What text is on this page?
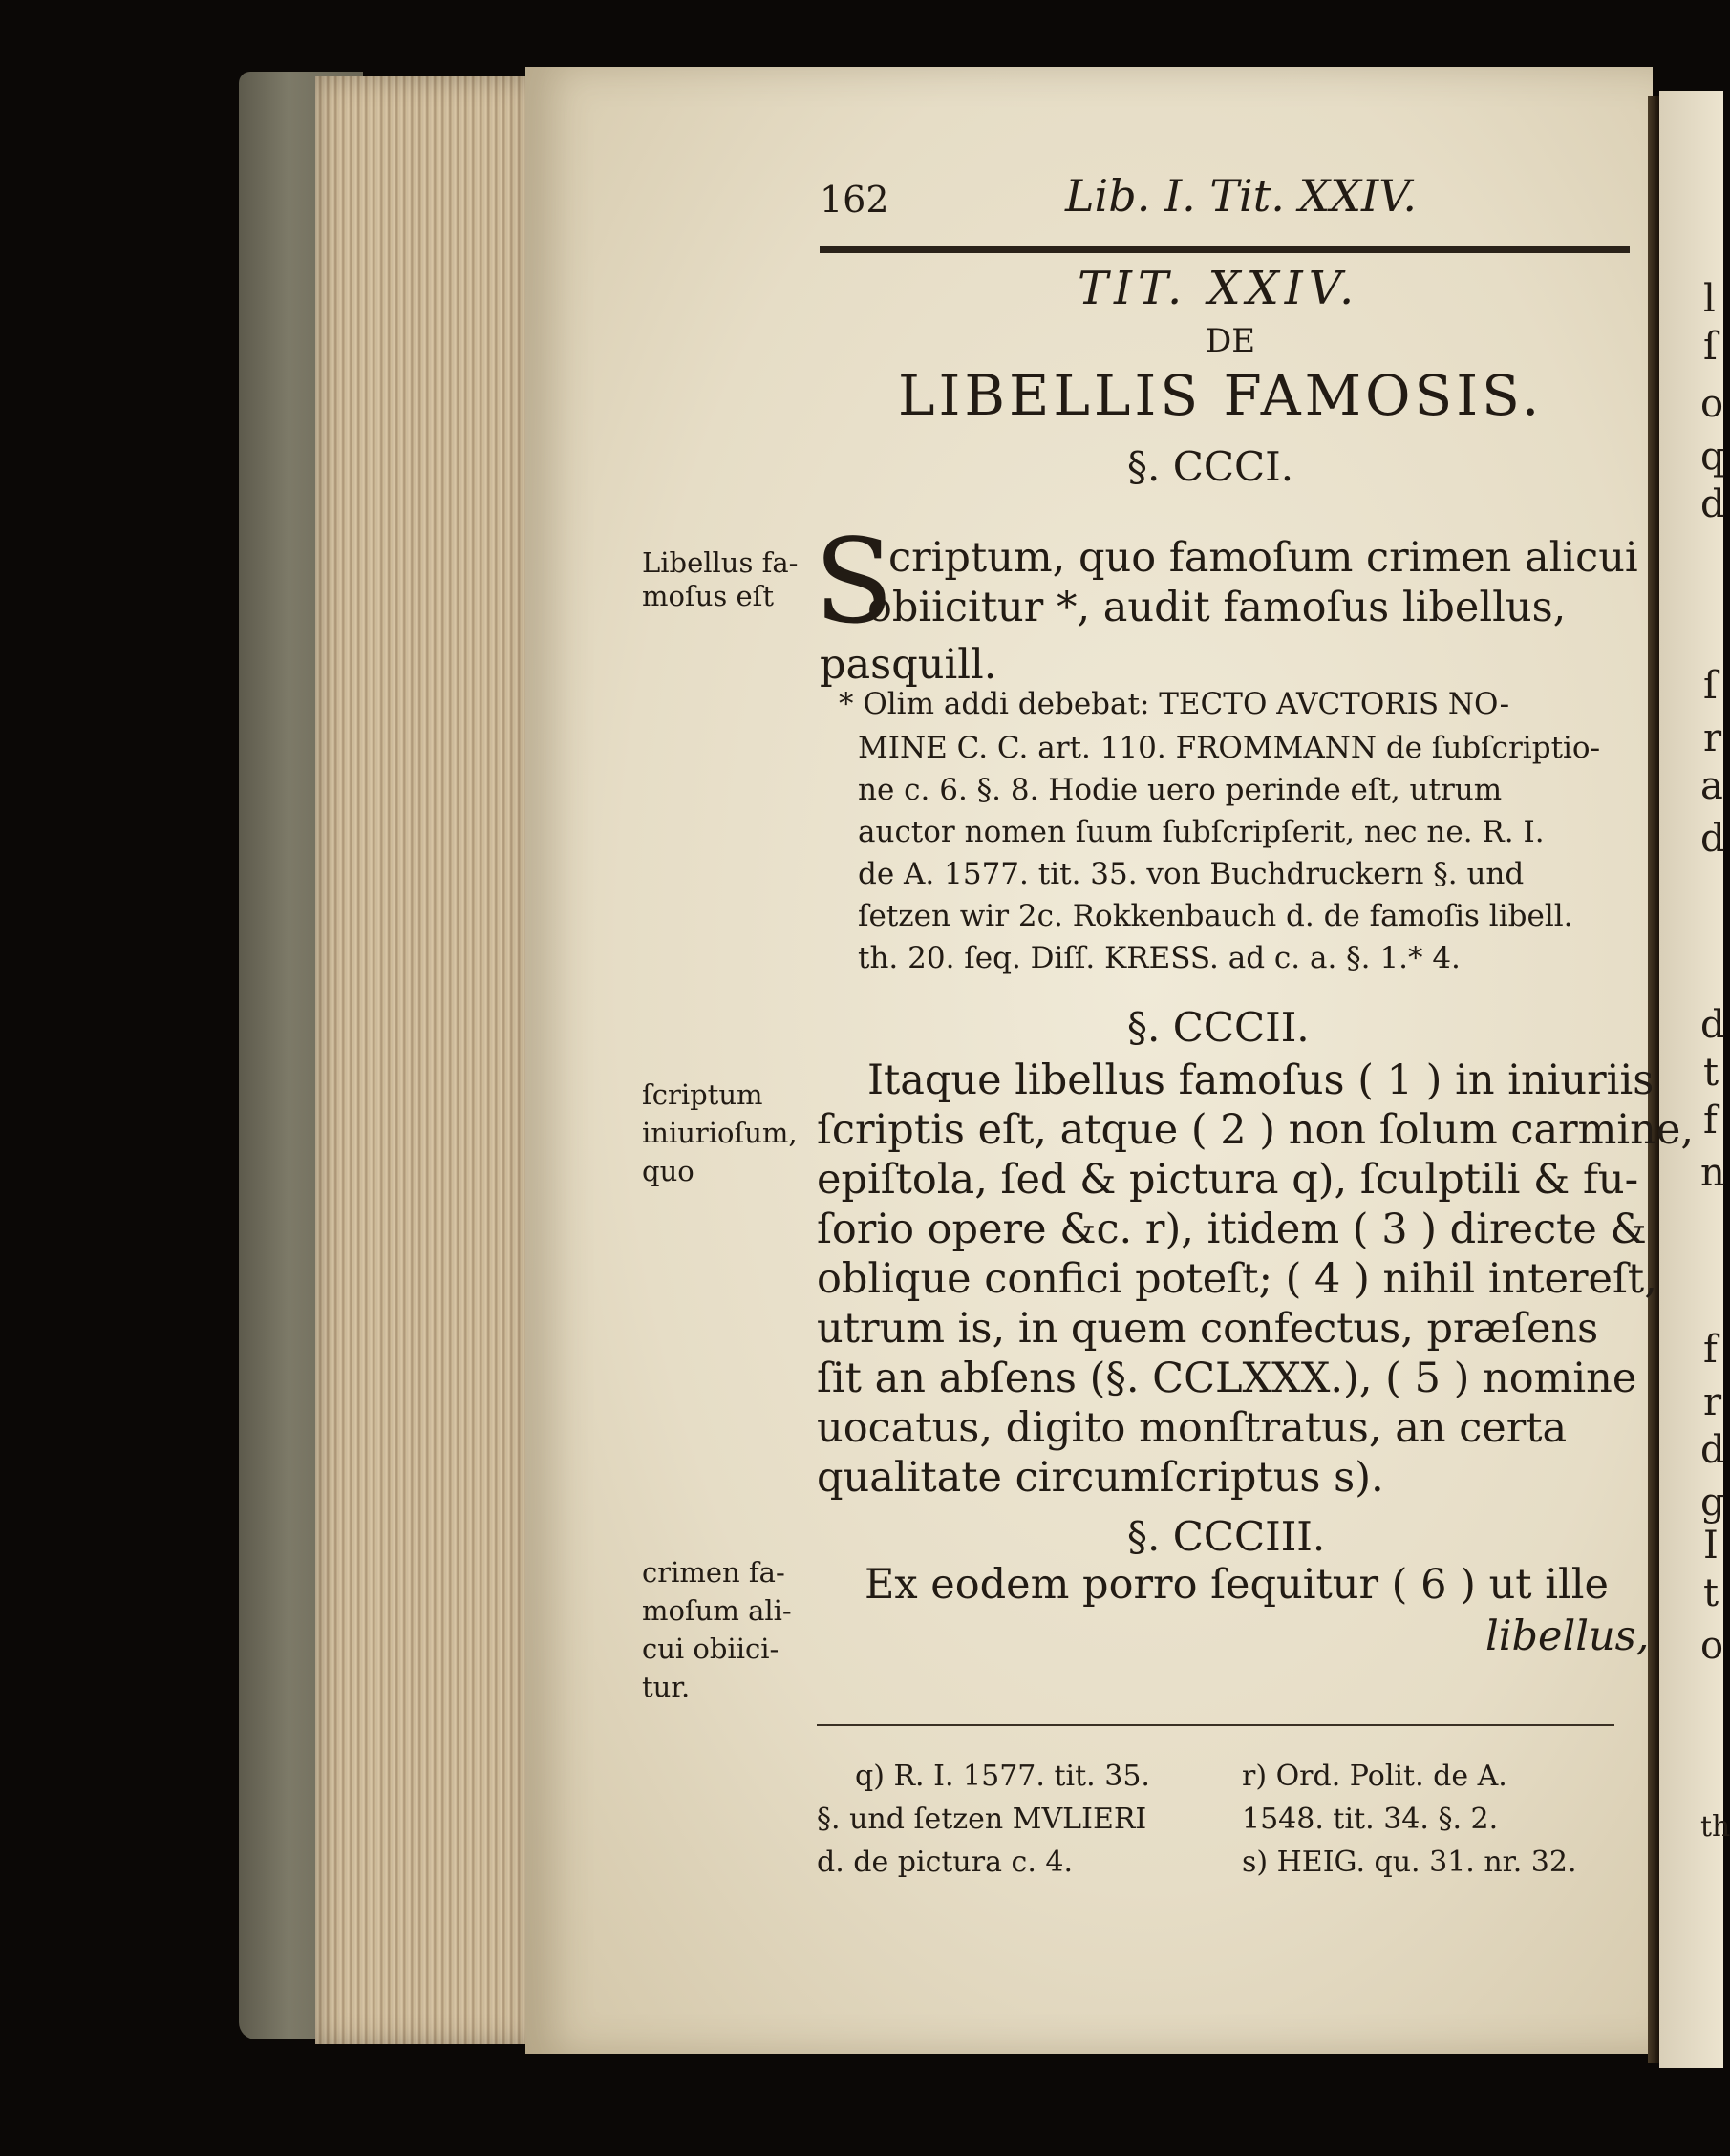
162	Lib. I. Tit. XXIV.
TIT. XXIV.
DE
LIBELLIS FAMOSIS.
§. CCCI.
S
criptum, quo famoſum crimen alicui
obiicitur *, audit famoſus libellus,
pasquill.
* Olim addi debebat: TECTO AVCTORIS NO-
MINE C. C. art. 110. FROMMANN de ſubſcriptio-
ne c. 6. §. 8. Hodie uero perinde eſt, utrum
auctor nomen ſuum ſubſcripſerit, nec ne. R. I.
de A. 1577. tit. 35. von Buchdruckern §. und
ſetzen wir 2c. Rokkenbauch d. de famoſis libell.
th. 20. ſeq. Diſſ. KRESS. ad c. a. §. 1.* 4.
§. CCCII.
Itaque libellus famoſus ( 1 ) in iniuriis
ſcriptis eſt, atque ( 2 ) non ſolum carmine,
epiſtola, ſed & pictura q), ſculptili & fu-
ſorio opere &c. r), itidem ( 3 ) directe &
oblique confici poteſt; ( 4 ) nihil intereſt,
utrum is, in quem confectus, præſens
ſit an abſens (§. CCLXXX.), ( 5 ) nomine
uocatus, digito monſtratus, an certa
qualitate circumſcriptus s).
§. CCCIII.
Ex eodem porro ſequitur ( 6 ) ut ille
libellus,
Libellus fa-
moſus eſt
ſcriptum
iniurioſum,
quo
crimen fa-
moſum ali-
cui obiici-
tur.
q) R. I. 1577. tit. 35.
§. und ſetzen MVLIERI
d. de pictura c. 4.
r) Ord. Polit. de A.
1548. tit. 34. §. 2.
s) HEIG. qu. 31. nr. 32.
l
ſ
o
q
d
ſ
r
a
d
t
f
n
f
r
d
g
I
t
o
th
d
